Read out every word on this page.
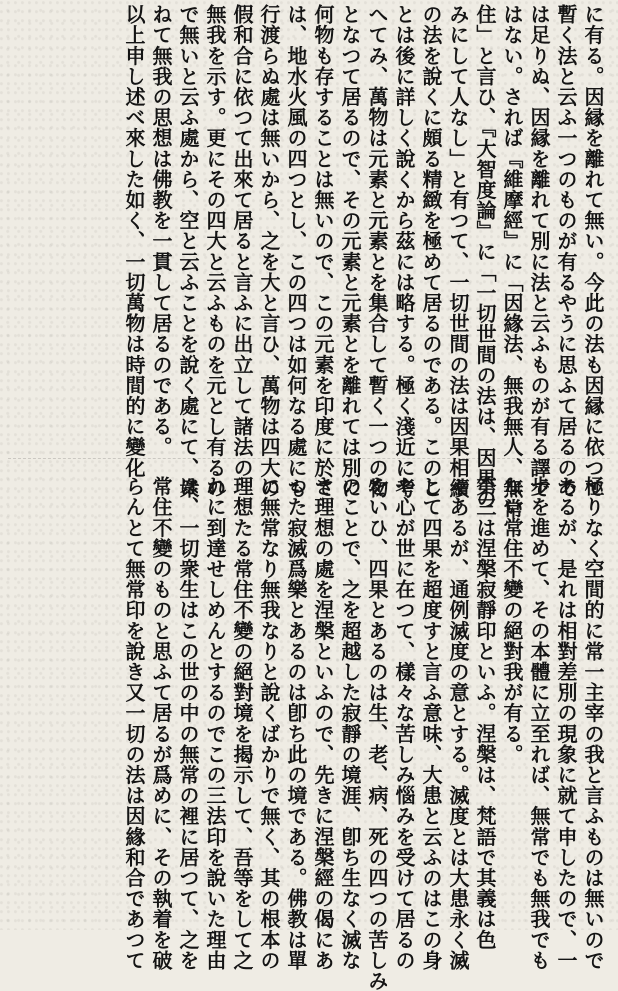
に有る。因縁を離れて無い。今此の法も因縁に依つて

暫く法と云ふ一つのものが有るやうに思ふて居るので

は足りぬ、因縁を離れて別に法と云ふものが有る譯で

はない。されば『維摩經』に「因緣法、無我無人、無常

住」と言ひ、『大智度論』に「一切世間の法は、因果の

みにして人なし」と有つて、一切世間の法は因果相續

の法を說くに頗る精緻を極めて居るのである。このこ

とは後に詳しく說くから茲には略する。極く淺近に考

へてみ、萬物は元素と元素とを集合して暫く一つの物

となつて居るので、その元素と元素とを離れては別に

何物も存することは無いので、この元素を印度に於て

は、地水火風の四つとし、この四つは如何なる處にも

行渡らぬ處は無いから、之を大と言ひ、萬物は四大の

假和合に依つて出來て居ると言ふに出立して諸法の

無我を示す。更にその四大と云ふものを元とし有るの

で無いと云ふ處から、空と云ふことを說く處にて、衆

ねて無我の思想は佛教を一貫して居るのである。

以上申し述べ來した如く、一切萬物は時間的に變化

極りなく空間的に常一主宰の我と言ふものは無いので

あるが、是れは相對差別の現象に就て申したので、一

步を進めて、その本體に立至れば、無常でも無我でも

ない常住不變の絕對我が有る。

第三は涅槃寂靜印といふ。涅槃は、梵語で其義は色

々あるが、通例滅度の意とする。滅度とは大患永く滅

して四果を超度すと言ふ意味、大患と云ふのはこの身

や心が世に在つて、樣々な苦しみ惱みを受けて居るの

をいひ、四果とあるのは生、老、病、死の四つの苦しみ

のことで、之を超越した寂靜の境涯、卽ち生なく滅な

き理想の處を涅槃といふので、先きに涅槃經の偈にあ

つた寂滅爲樂とあるのは卽ち此の境である。佛教は單

に無常なり無我なりと說くばかりで無く、其の根本の

理想たる常住不變の絕對境を揭示して、吾等をして之

れに到達せしめんとするのでこの三法印を說いた理由

は、一切衆生はこの世の中の無常の裡に居つて、之を

常住不變のものと思ふて居るが爲めに、その執着を破

らんとて無常印を說き又一切の法は因緣和合であつて
